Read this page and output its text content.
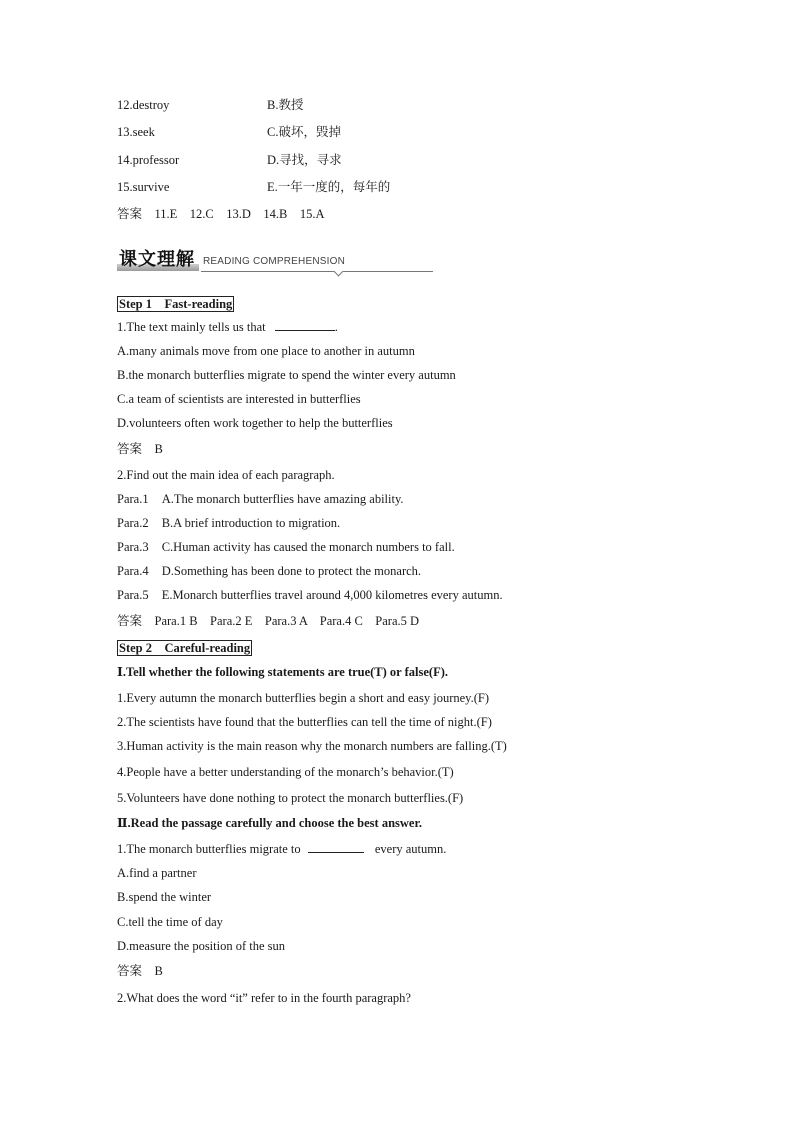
12.destroy	B.教授
13.seek	C.破坏，毁掉
14.professor	D.寻找，寻求
15.survive	E.一年一度的，每年的
答案　11.E　12.C　13.D　14.B　15.A
课文理解 READING COMPREHENSION
Step 1　Fast-reading
1.The text mainly tells us that	.
A.many animals move from one place to another in autumn
B.the monarch butterflies migrate to spend the winter every autumn
C.a team of scientists are interested in butterflies
D.volunteers often work together to help the butterflies
答案　B
2.Find out the main idea of each paragraph.
Para.1 A.The monarch butterflies have amazing ability.
Para.2 B.A brief introduction to migration.
Para.3 C.Human activity has caused the monarch numbers to fall.
Para.4 D.Something has been done to protect the monarch.
Para.5 E.Monarch butterflies travel around 4,000 kilometres every autumn.
答案　Para.1 B　Para.2 E　Para.3 A　Para.4 C　Para.5 D
Step 2　Careful-reading
Ⅰ.Tell whether the following statements are true(T) or false(F).
1.Every autumn the monarch butterflies begin a short and easy journey.(F)
2.The scientists have found that the butterflies can tell the time of night.(F)
3.Human activity is the main reason why the monarch numbers are falling.(T)
4.People have a better understanding of the monarch’s behavior.(T)
5.Volunteers have done nothing to protect the monarch butterflies.(F)
Ⅱ.Read the passage carefully and choose the best answer.
1.The monarch butterflies migrate to	every autumn.
A.find a partner
B.spend the winter
C.tell the time of day
D.measure the position of the sun
答案　B
2.What does the word “it” refer to in the fourth paragraph?
